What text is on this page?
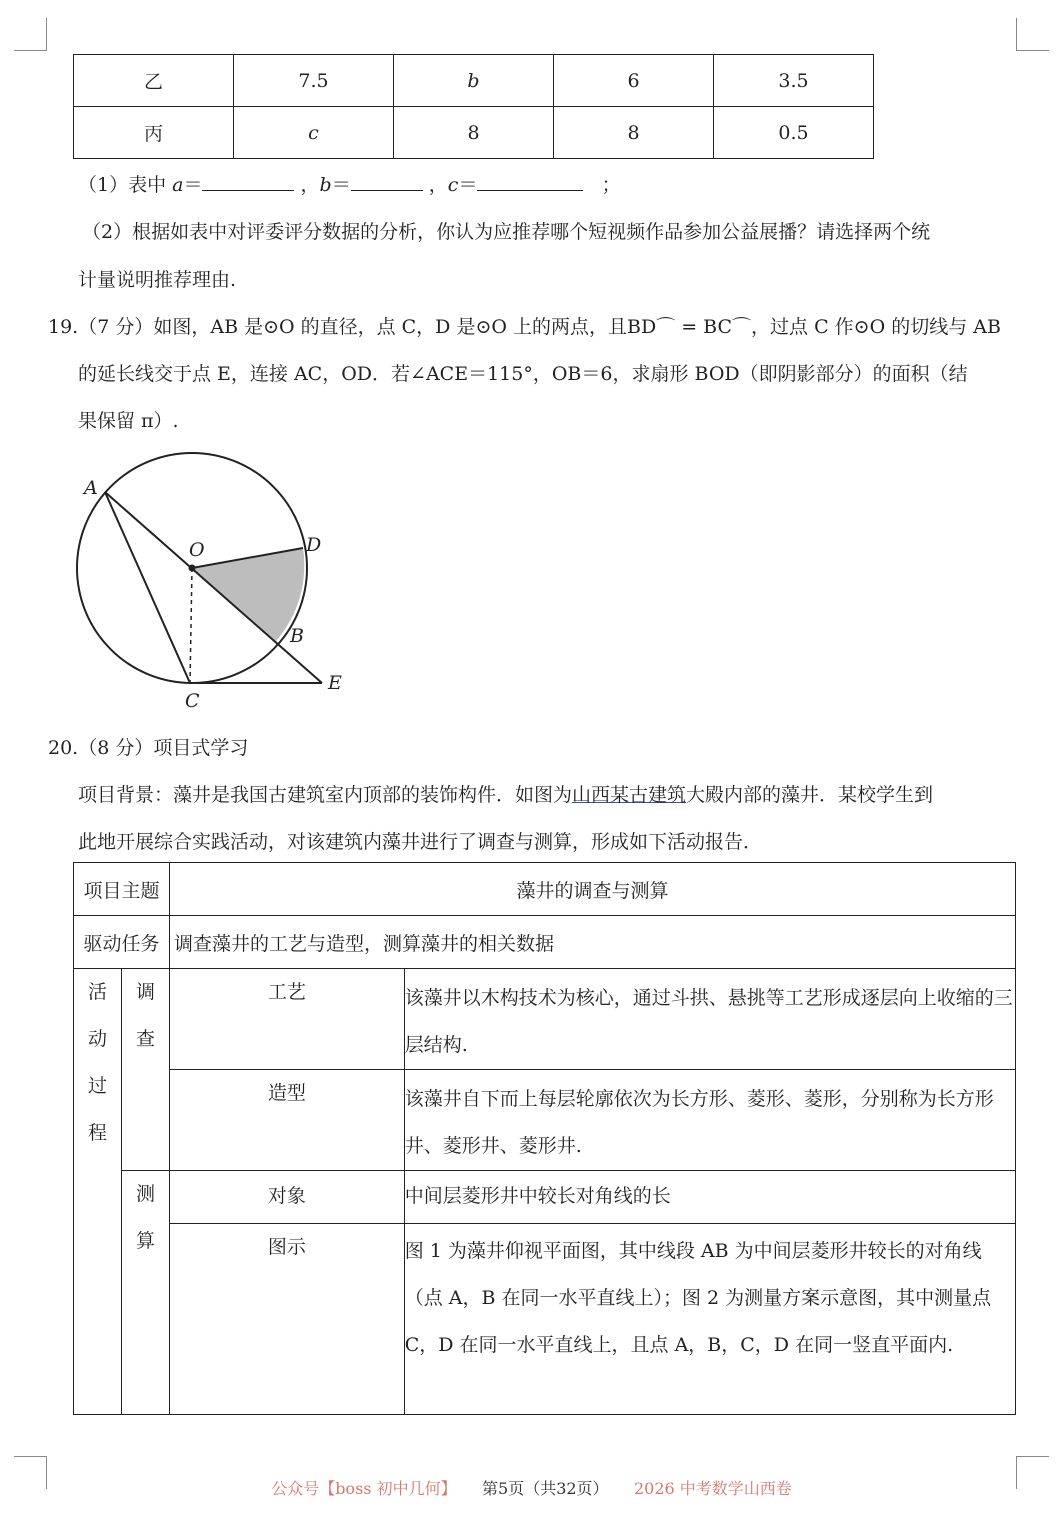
乙	7.5	b	6	3.5
丙	c	8	8	0.5
（1）表中 a＝	，b＝	，c＝	；
（2）根据如表中对评委评分数据的分析，你认为应推荐哪个短视频作品参加公益展播？请选择两个统
计量说明推荐理由.
19.（7 分）如图，AB 是⊙O 的直径，点 C，D 是⊙O 上的两点，且BD⌒ = BC⌒，过点 C 作⊙O 的切线与 AB
的延长线交于点 E，连接 AC，OD．若∠ACE＝115°，OB＝6，求扇形 BOD（即阴影部分）的面积（结
果保留 π）.
A
O	D
B
C
E
20.（8 分）项目式学习
项目背景：藻井是我国古建筑室内顶部的装饰构件．如图为山西某古建筑大殿内部的藻井．某校学生到
此地开展综合实践活动，对该建筑内藻井进行了调查与测算，形成如下活动报告．
项目主题		藻井的调查与测算	
驱动任务		调查藻井的工艺与造型，测算藻井的相关数据	
活动过程	调查	工艺	该藻井以木构技术为核心，通过斗拱、悬挑等工艺形成逐层向上收缩的三层结构.
		造型	该藻井自下而上每层轮廓依次为长方形、菱形、菱形，分别称为长方形井、菱形井、菱形井.
	测算	对象	中间层菱形井中较长对角线的长
		图示	图 1 为藻井仰视平面图，其中线段 AB 为中间层菱形井较长的对角线（点 A，B 在同一水平直线上）；图 2 为测量方案示意图，其中测量点 C，D 在同一水平直线上，且点 A，B，C，D 在同一竖直平面内.
公众号【boss 初中几何】 第5页（共32页） 2026 中考数学山西卷
